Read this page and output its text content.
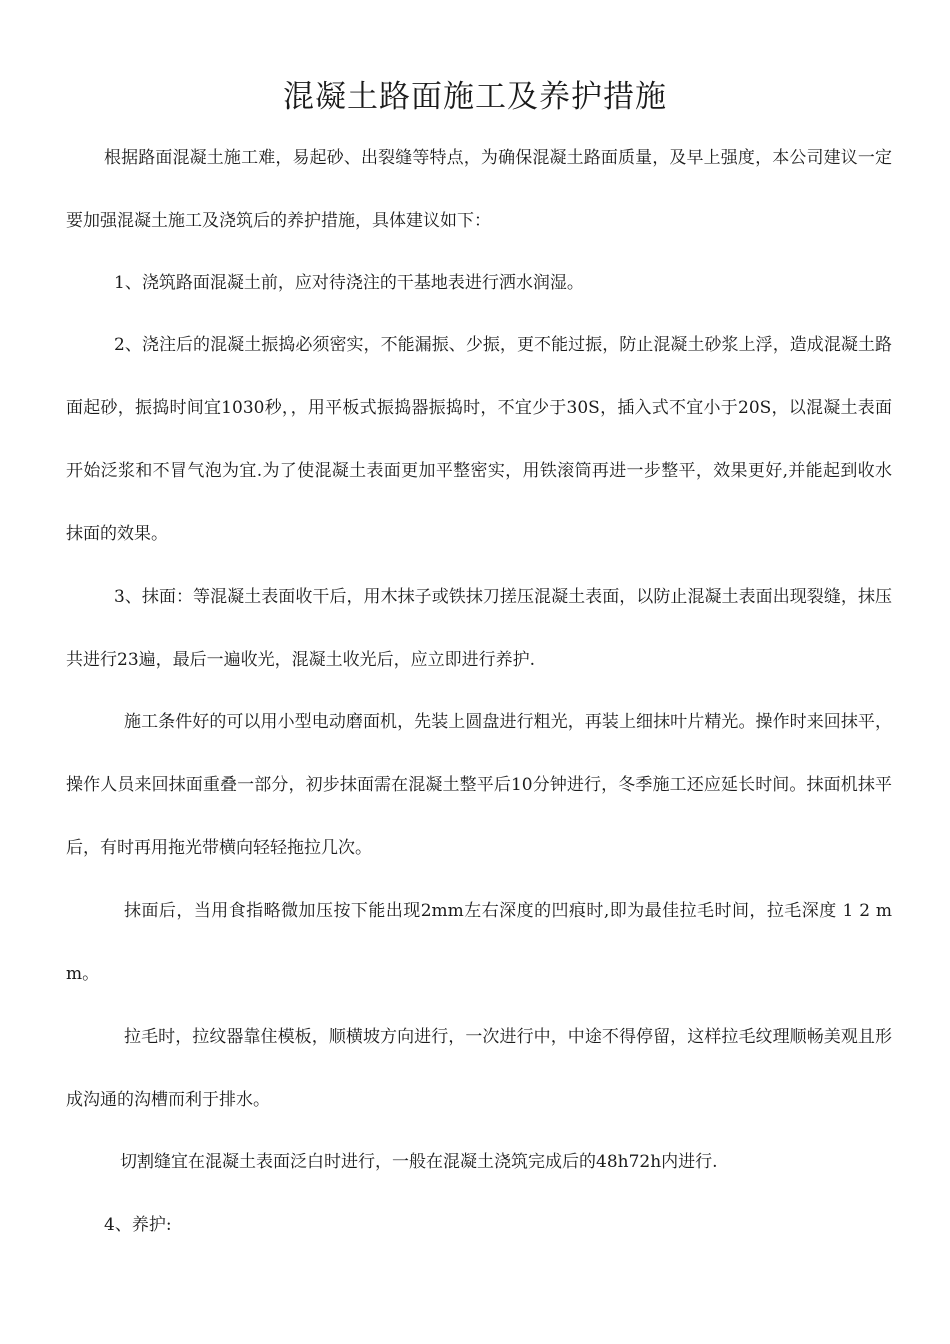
混凝土路面施工及养护措施

根据路面混凝土施工难，易起砂、出裂缝等特点，为确保混凝土路面质量，及早上强度，本公司建议一定要加强混凝土施工及浇筑后的养护措施，具体建议如下：

1、浇筑路面混凝土前，应对待浇注的干基地表进行洒水润湿。

2、浇注后的混凝土振捣必须密实，不能漏振、少振，更不能过振，防止混凝土砂浆上浮，造成混凝土路面起砂，振捣时间宜1030秒，，用平板式振捣器振捣时，不宜少于30S，插入式不宜小于20S，以混凝土表面开始泛浆和不冒气泡为宜.为了使混凝土表面更加平整密实，用铁滚筒再进一步整平，效果更好,并能起到收水抹面的效果。

3、抹面：等混凝土表面收干后，用木抹子或铁抹刀搓压混凝土表面，以防止混凝土表面出现裂缝，抹压共进行23遍，最后一遍收光，混凝土收光后，应立即进行养护.

施工条件好的可以用小型电动磨面机，先装上圆盘进行粗光，再装上细抹叶片精光。操作时来回抹平，操作人员来回抹面重叠一部分，初步抹面需在混凝土整平后10分钟进行，冬季施工还应延长时间。抹面机抹平后，有时再用拖光带横向轻轻拖拉几次。

抹面后，当用食指略微加压按下能出现2mm左右深度的凹痕时,即为最佳拉毛时间，拉毛深度 1 2 mm。

拉毛时，拉纹器靠住模板，顺横坡方向进行，一次进行中，中途不得停留，这样拉毛纹理顺畅美观且形成沟通的沟槽而利于排水。

切割缝宜在混凝土表面泛白时进行，一般在混凝土浇筑完成后的48h72h内进行.

4、养护:
